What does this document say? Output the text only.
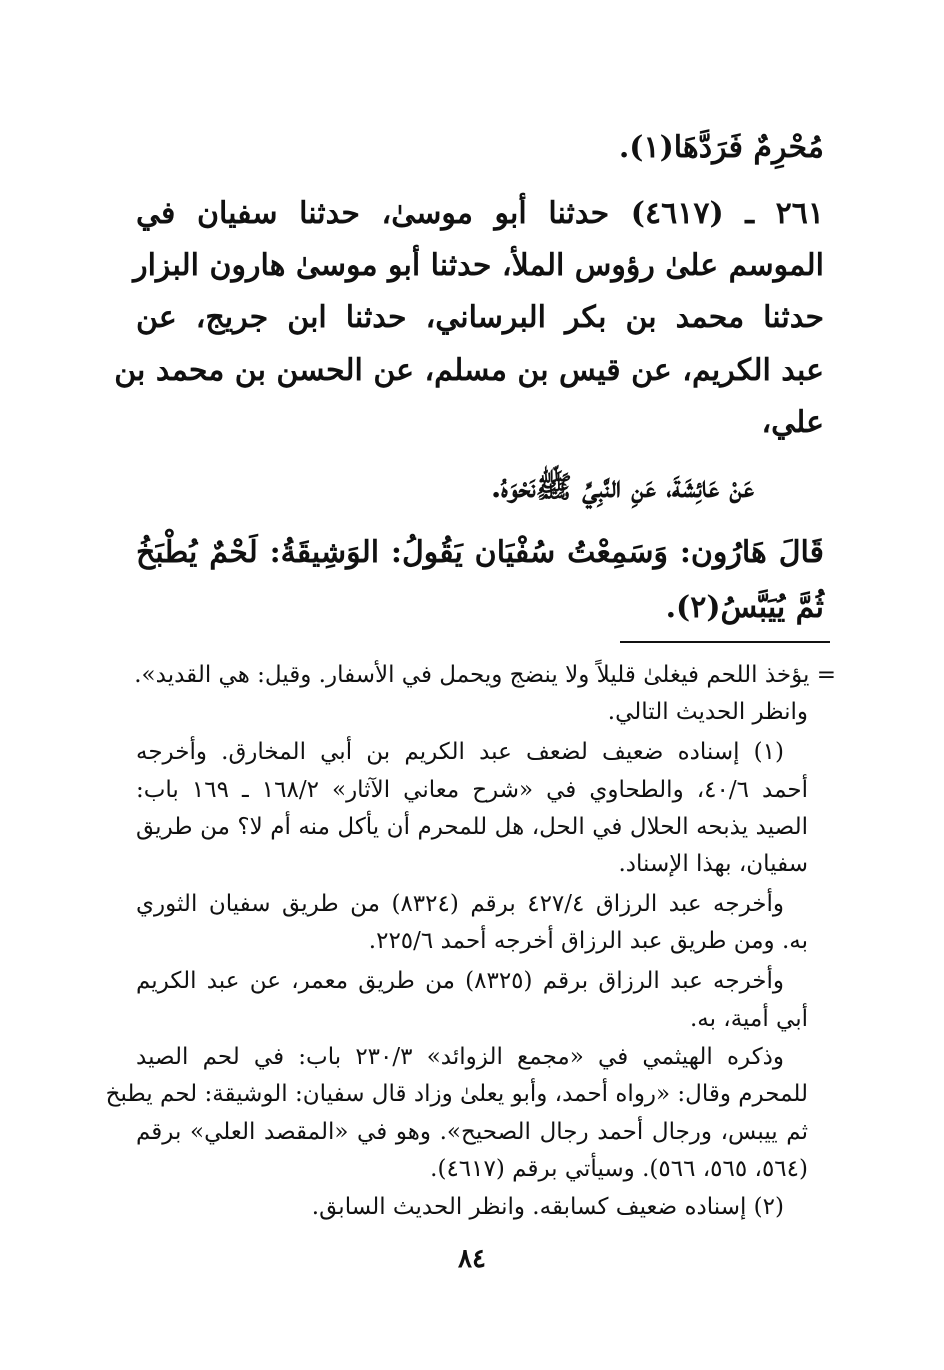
مُحْرِمٌ فَرَدَّهَا(١).
٢٦١ ـ (٤٦١٧) حدثنا أبو موسىٰ، حدثنا سفيان في
الموسم علىٰ رؤوس الملأ، حدثنا أبو موسىٰ هارون البزار
حدثنا محمد بن بكر البرساني، حدثنا ابن جريج، عن
عبد الكريم، عن قيس بن مسلم، عن الحسن بن محمد بن
علي،
عَنْ عَائِشَةَ، عَنِ النَّبِيِّ ﷺنَحْوَهُ.
قَالَ هَارُون: وَسَمِعْتُ سُفْيَان يَقُولُ: الوَشِيقَةُ: لَحْمٌ يُطْبَخُ
ثُمَّ يُيَبَّسُ(٢).
= يؤخذ اللحم فيغلىٰ قليلاً ولا ينضج ويحمل في الأسفار. وقيل: هي القديد».
وانظر الحديث التالي.
(١) إسناده ضعيف لضعف عبد الكريم بن أبي المخارق. وأخرجه
أحمد ٤٠/٦، والطحاوي في «شرح معاني الآثار» ١٦٨/٢ ـ ١٦٩ باب:
الصيد يذبحه الحلال في الحل، هل للمحرم أن يأكل منه أم لا؟ من طريق
سفيان، بهذا الإسناد.
وأخرجه عبد الرزاق ٤٢٧/٤ برقم (٨٣٢٤) من طريق سفيان الثوري
به. ومن طريق عبد الرزاق أخرجه أحمد ٢٢٥/٦.
وأخرجه عبد الرزاق برقم (٨٣٢٥) من طريق معمر، عن عبد الكريم
أبي أمية، به.
وذكره الهيثمي في «مجمع الزوائد» ٢٣٠/٣ باب: في لحم الصيد
للمحرم وقال: «رواه أحمد، وأبو يعلىٰ وزاد قال سفيان: الوشيقة: لحم يطبخ
ثم ييبس، ورجال أحمد رجال الصحيح». وهو في «المقصد العلي» برقم
(٥٦٤، ٥٦٥، ٥٦٦). وسيأتي برقم (٤٦١٧).
(٢) إسناده ضعيف كسابقه. وانظر الحديث السابق.
٨٤
